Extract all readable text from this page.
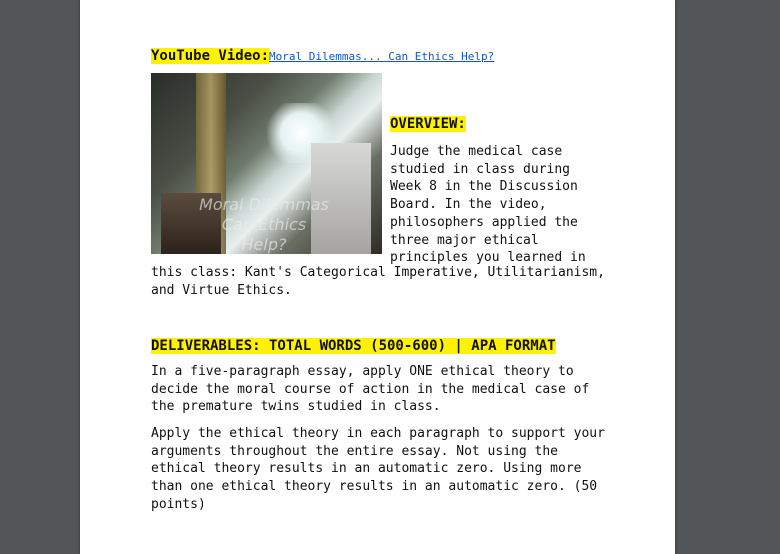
YouTube Video:Moral Dilemmas... Can Ethics Help?
Moral Dilemmas
Can Ethics Help?
OVERVIEW:
Judge the medical case
studied in class during
Week 8 in the Discussion
Board. In the video,
philosophers applied the
three major ethical
principles you learned in
this class: Kant's Categorical Imperative, Utilitarianism,
and Virtue Ethics.
DELIVERABLES: TOTAL WORDS (500-600) | APA FORMAT
In a five-paragraph essay, apply ONE ethical theory to
decide the moral course of action in the medical case of
the premature twins studied in class.
Apply the ethical theory in each paragraph to support your
arguments throughout the entire essay. Not using the
ethical theory results in an automatic zero. Using more
than one ethical theory results in an automatic zero. (50
points)
